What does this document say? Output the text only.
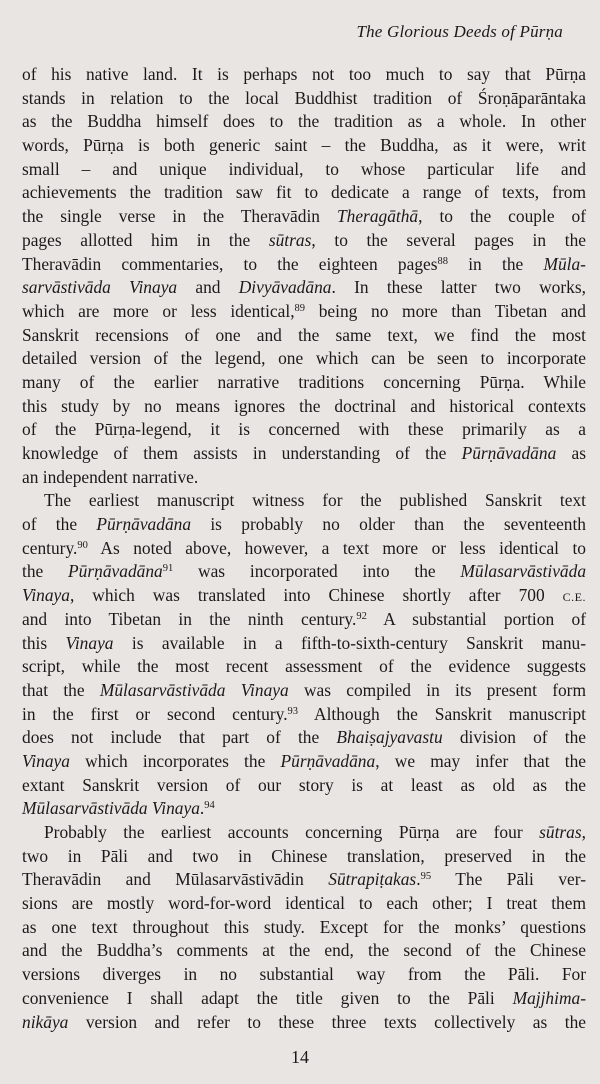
The Glorious Deeds of Pūrṇa
of his native land. It is perhaps not too much to say that Pūrṇa
stands in relation to the local Buddhist tradition of Śroṇāparāntaka
as the Buddha himself does to the tradition as a whole. In other
words, Pūrṇa is both generic saint – the Buddha, as it were, writ
small – and unique individual, to whose particular life and
achievements the tradition saw fit to dedicate a range of texts, from
the single verse in the Theravādin Theragāthā, to the couple of
pages allotted him in the sūtras, to the several pages in the
Theravādin commentaries, to the eighteen pages$^{88}$ in the Mūla-
sarvāstivāda Vinaya and Divyāvadāna. In these latter two works,
which are more or less identical,$^{89}$ being no more than Tibetan and
Sanskrit recensions of one and the same text, we find the most
detailed version of the legend, one which can be seen to incorporate
many of the earlier narrative traditions concerning Pūrṇa. While
this study by no means ignores the doctrinal and historical contexts
of the Pūrṇa-legend, it is concerned with these primarily as a
knowledge of them assists in understanding of the Pūrṇāvadāna as
an independent narrative.
The earliest manuscript witness for the published Sanskrit text
of the Pūrṇāvadāna is probably no older than the seventeenth
century.$^{90}$ As noted above, however, a text more or less identical to
the Pūrṇāvadāna$^{91}$ was incorporated into the Mūlasarvāstivāda
Vinaya, which was translated into Chinese shortly after 700 C.E.
and into Tibetan in the ninth century.$^{92}$ A substantial portion of
this Vinaya is available in a fifth-to-sixth-century Sanskrit manu-
script, while the most recent assessment of the evidence suggests
that the Mūlasarvāstivāda Vinaya was compiled in its present form
in the first or second century.$^{93}$ Although the Sanskrit manuscript
does not include that part of the Bhaiṣajyavastu division of the
Vinaya which incorporates the Pūrṇāvadāna, we may infer that the
extant Sanskrit version of our story is at least as old as the
Mūlasarvāstivāda Vinaya.$^{94}$
Probably the earliest accounts concerning Pūrṇa are four sūtras,
two in Pāli and two in Chinese translation, preserved in the
Theravādin and Mūlasarvāstivādin Sūtrapiṭakas.$^{95}$ The Pāli ver-
sions are mostly word-for-word identical to each other; I treat them
as one text throughout this study. Except for the monks’ questions
and the Buddha’s comments at the end, the second of the Chinese
versions diverges in no substantial way from the Pāli. For
convenience I shall adapt the title given to the Pāli Majjhima-
nikāya version and refer to these three texts collectively as the
14
